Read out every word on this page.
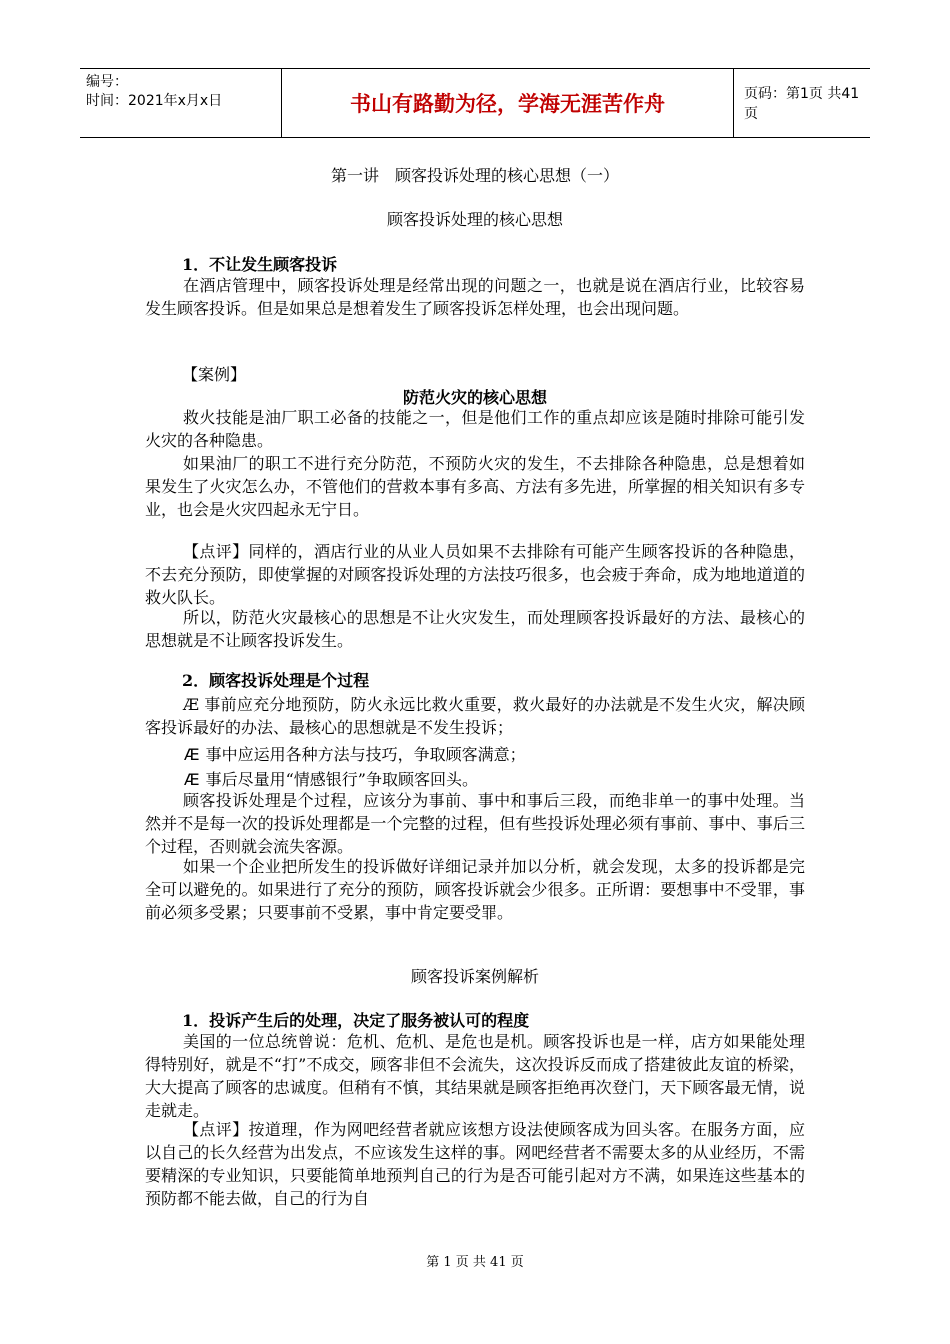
编号：
时间：2021年x月x日	书山有路勤为径，学海无涯苦作舟	页码：第1页 共41页
第一讲　顾客投诉处理的核心思想（一）
顾客投诉处理的核心思想
1．不让发生顾客投诉

在酒店管理中，顾客投诉处理是经常出现的问题之一，也就是说在酒店行业，比较容易发生顾客投诉。但是如果总是想着发生了顾客投诉怎样处理，也会出现问题。

【案例】
防范火灾的核心思想

救火技能是油厂职工必备的技能之一，但是他们工作的重点却应该是随时排除可能引发火灾的各种隐患。

如果油厂的职工不进行充分防范，不预防火灾的发生，不去排除各种隐患，总是想着如果发生了火灾怎么办，不管他们的营救本事有多高、方法有多先进，所掌握的相关知识有多专业，也会是火灾四起永无宁日。

【点评】同样的，酒店行业的从业人员如果不去排除有可能产生顾客投诉的各种隐患，不去充分预防，即使掌握的对顾客投诉处理的方法技巧很多，也会疲于奔命，成为地地道道的救火队长。

所以，防范火灾最核心的思想是不让火灾发生，而处理顾客投诉最好的方法、最核心的思想就是不让顾客投诉发生。

2．顾客投诉处理是个过程

Æ 事前应充分地预防，防火永远比救火重要，救火最好的办法就是不发生火灾，解决顾客投诉最好的办法、最核心的思想就是不发生投诉；

Æ 事中应运用各种方法与技巧，争取顾客满意；
Æ 事后尽量用“情感银行”争取顾客回头。

顾客投诉处理是个过程，应该分为事前、事中和事后三段，而绝非单一的事中处理。当然并不是每一次的投诉处理都是一个完整的过程，但有些投诉处理必须有事前、事中、事后三个过程，否则就会流失客源。

如果一个企业把所发生的投诉做好详细记录并加以分析，就会发现，太多的投诉都是完全可以避免的。如果进行了充分的预防，顾客投诉就会少很多。正所谓：要想事中不受罪，事前必须多受累；只要事前不受累，事中肯定要受罪。

顾客投诉案例解析
1．投诉产生后的处理，决定了服务被认可的程度

美国的一位总统曾说：危机、危机、是危也是机。顾客投诉也是一样，店方如果能处理得特别好，就是不“打”不成交，顾客非但不会流失，这次投诉反而成了搭建彼此友谊的桥梁，大大提高了顾客的忠诚度。但稍有不慎，其结果就是顾客拒绝再次登门，天下顾客最无情，说走就走。

【点评】按道理，作为网吧经营者就应该想方设法使顾客成为回头客。在服务方面，应以自己的长久经营为出发点，不应该发生这样的事。网吧经营者不需要太多的从业经历，不需要精深的专业知识，只要能简单地预判自己的行为是否可能引起对方不满，如果连这些基本的预防都不能去做，自己的行为自

第 1 页 共 41 页
